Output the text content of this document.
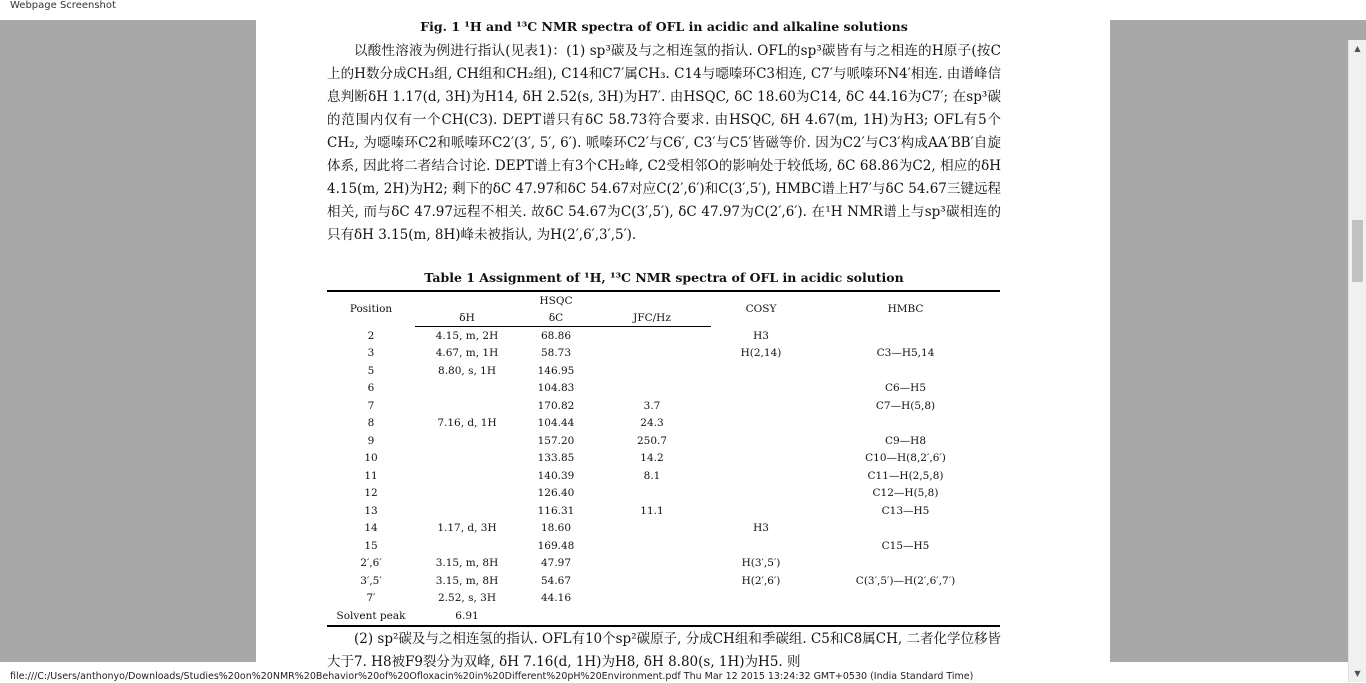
Webpage Screenshot
Fig. 1 ¹H and ¹³C NMR spectra of OFL in acidic and alkaline solutions

以酸性溶液为例进行指认(见表1)：(1) sp³碳及与之相连氢的指认. OFL的sp³碳皆有与之相连的H原子(按C上的H数分成CH₃组, CH组和CH₂组), C14和C7′属CH₃. C14与噁嗪环C3相连, C7′与哌嗪环N4′相连. 由谱峰信息判断δH 1.17(d, 3H)为H14, δH 2.52(s, 3H)为H7′. 由HSQC, δC 18.60为C14, δC 44.16为C7′; 在sp³碳的范围内仅有一个CH(C3). DEPT谱只有δC 58.73符合要求. 由HSQC, δH 4.67(m, 1H)为H3; OFL有5个CH₂, 为噁嗪环C2和哌嗪环C2′(3′, 5′, 6′). 哌嗪环C2′与C6′, C3′与C5′皆磁等价. 因为C2′与C3′构成AA′BB′自旋体系, 因此将二者结合讨论. DEPT谱上有3个CH₂峰, C2受相邻O的影响处于较低场, δC 68.86为C2, 相应的δH 4.15(m, 2H)为H2; 剩下的δC 47.97和δC 54.67对应C(2′,6′)和C(3′,5′), HMBC谱上H7′与δC 54.67三键远程相关, 而与δC 47.97远程不相关. 故δC 54.67为C(3′,5′), δC 47.97为C(2′,6′). 在¹H NMR谱上与sp³碳相连的只有δH 3.15(m, 8H)峰未被指认, 为H(2′,6′,3′,5′).

Table 1 Assignment of ¹H, ¹³C NMR spectra of OFL in acidic solution
Position		HSQC		COSY	HMBC
	δH	δC	JFC/Hz		
2	4.15, m, 2H	68.86		H3	
3	4.67, m, 1H	58.73		H(2,14)	C3—H5,14
5	8.80, s, 1H	146.95			
6		104.83			C6—H5
7		170.82	3.7		C7—H(5,8)
8	7.16, d, 1H	104.44	24.3		
9		157.20	250.7		C9—H8
10		133.85	14.2		C10—H(8,2′,6′)
11		140.39	8.1		C11—H(2,5,8)
12		126.40			C12—H(5,8)
13		116.31	11.1		C13—H5
14	1.17, d, 3H	18.60		H3	
15		169.48			C15—H5
2′,6′	3.15, m, 8H	47.97		H(3′,5′)	
3′,5′	3.15, m, 8H	54.67		H(2′,6′)	C(3′,5′)—H(2′,6′,7′)
7′	2.52, s, 3H	44.16			
Solvent peak	6.91				

(2) sp²碳及与之相连氢的指认. OFL有10个sp²碳原子, 分成CH组和季碳组. C5和C8属CH, 二者化学位移皆大于7. H8被F9裂分为双峰, δH 7.16(d, 1H)为H8, δH 8.80(s, 1H)为H5. 则

▲
▼
file:///C:/Users/anthonyo/Downloads/Studies%20on%20NMR%20Behavior%20of%20Ofloxacin%20in%20Different%20pH%20Environment.pdf Thu Mar 12 2015 13:24:32 GMT+0530 (India Standard Time)
